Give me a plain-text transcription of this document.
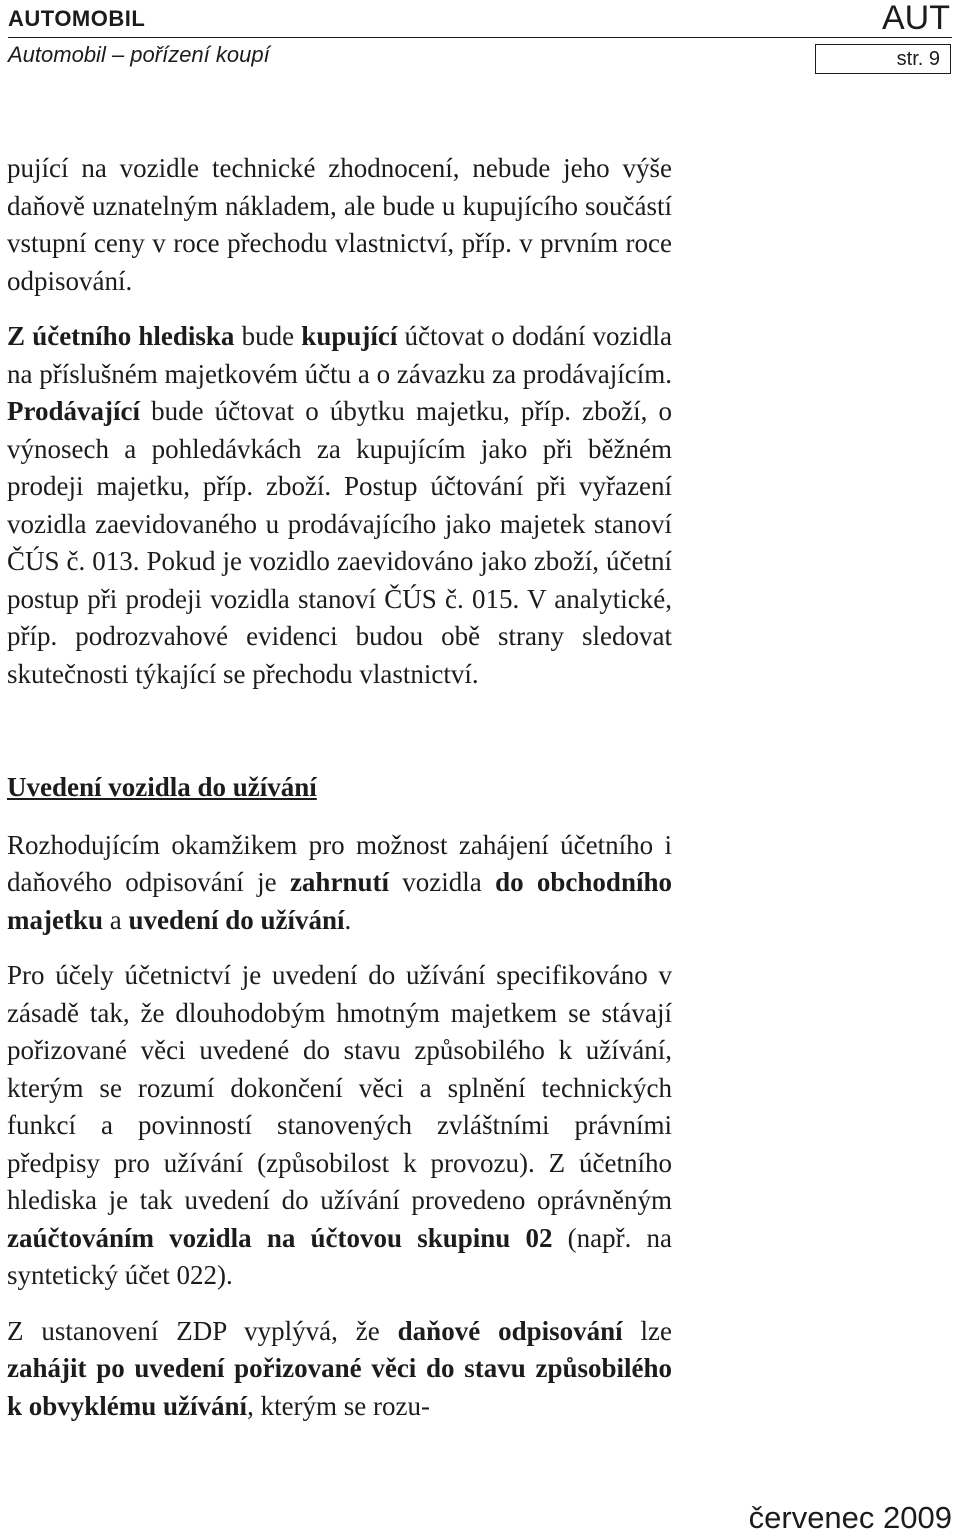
AUTOMOBIL	AUT
Automobil – pořízení koupí	str. 9

pující na vozidle technické zhodnocení, nebude jeho výše daňově uznatelným nákladem, ale bude u kupujícího součástí vstupní ceny v roce přechodu vlastnictví, příp. v prvním roce odpisování.

Z účetního hlediska bude kupující účtovat o dodání vozidla na příslušném majetkovém účtu a o závazku za prodávajícím. Prodávající bude účtovat o úbytku majetku, příp. zboží, o výnosech a pohledávkách za kupujícím jako při běžném prodeji majetku, příp. zboží. Postup účtování při vyřazení vozidla zaevidovaného u prodávajícího jako majetek stanoví ČÚS č. 013. Pokud je vozidlo zaevidováno jako zboží, účetní postup při prodeji vozidla stanoví ČÚS č. 015. V analytické, příp. podrozvahové evidenci budou obě strany sledovat skutečnosti týkající se přechodu vlastnictví.

Uvedení vozidla do užívání

Rozhodujícím okamžikem pro možnost zahájení účetního i daňového odpisování je zahrnutí vozidla do obchodního majetku a uvedení do užívání.

Pro účely účetnictví je uvedení do užívání specifikováno v zásadě tak, že dlouhodobým hmotným majetkem se stávají pořizované věci uvedené do stavu způsobilého k užívání, kterým se rozumí dokončení věci a splnění technických funkcí a povinností stanovených zvláštními právními předpisy pro užívání (způsobilost k provozu). Z účetního hlediska je tak uvedení do užívání provedeno oprávněným zaúčtováním vozidla na účtovou skupinu 02 (např. na syntetický účet 022).

Z ustanovení ZDP vyplývá, že daňové odpisování lze zahájit po uvedení pořizované věci do stavu způsobilého k obvyklému užívání, kterým se rozu-

červenec 2009
